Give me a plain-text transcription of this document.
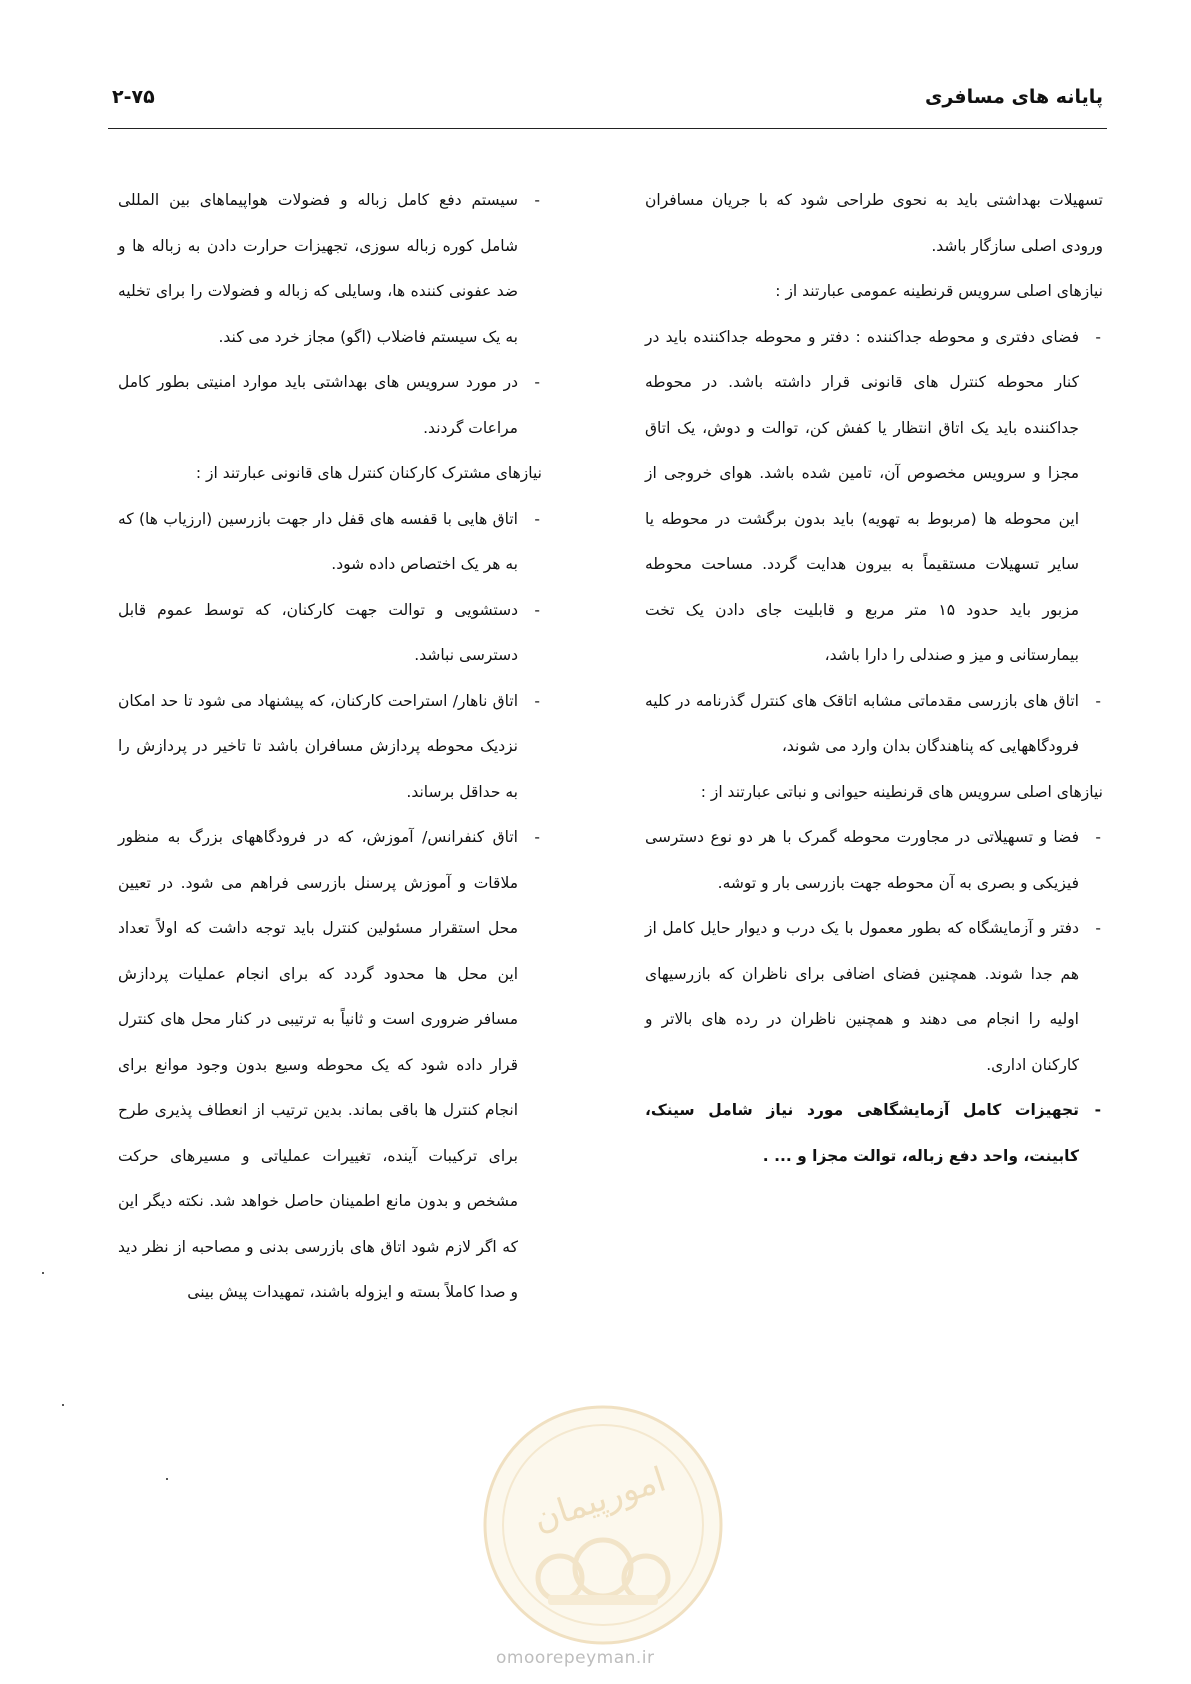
پایانه های مسافری
۲-۷۵

تسهیلات بهداشتی باید به نحوی طراحی شود که با جریان مسافران ورودی اصلی سازگار باشد.

نیازهای اصلی سرویس قرنطینه عمومی عبارتند از :

- فضای دفتری و محوطه جداکننده : دفتر و محوطه جداکننده باید در کنار محوطه کنترل های قانونی قرار داشته باشد. در محوطه جداکننده باید یک اتاق انتظار یا کفش کن، توالت و دوش، یک اتاق مجزا و سرویس مخصوص آن، تامین شده باشد. هوای خروجی از این محوطه ها (مربوط به تهویه) باید بدون برگشت در محوطه یا سایر تسهیلات مستقیماً به بیرون هدایت گردد. مساحت محوطه مزبور باید حدود ۱۵ متر مربع و قابلیت جای دادن یک تخت بیمارستانی و میز و صندلی را دارا باشد،

- اتاق های بازرسی مقدماتی مشابه اتاقک های کنترل گذرنامه در کلیه فرودگاههایی که پناهندگان بدان وارد می شوند،

نیازهای اصلی سرویس های قرنطینه حیوانی و نباتی عبارتند از :

- فضا و تسهیلاتی در مجاورت محوطه گمرک با هر دو نوع دسترسی فیزیکی و بصری به آن محوطه جهت بازرسی بار و توشه.

- دفتر و آزمایشگاه که بطور معمول با یک درب و دیوار حایل کامل از هم جدا شوند. همچنین فضای اضافی برای ناظران که بازرسیهای اولیه را انجام می دهند و همچنین ناظران در رده های بالاتر و کارکنان اداری.

- تجهیزات کامل آزمایشگاهی مورد نیاز شامل سینک، کابینت، واحد دفع زباله، توالت مجزا و ... .

- سیستم دفع کامل زباله و فضولات هواپیماهای بین المللی شامل کوره زباله سوزی، تجهیزات حرارت دادن به زباله ها و ضد عفونی کننده ها، وسایلی که زباله و فضولات را برای تخلیه به یک سیستم فاضلاب (اگو) مجاز خرد می کند.

- در مورد سرویس های بهداشتی باید موارد امنیتی بطور کامل مراعات گردند.

نیازهای مشترک کارکنان کنترل های قانونی عبارتند از :

- اتاق هایی با قفسه های قفل دار جهت بازرسین (ارزیاب ها) که به هر یک اختصاص داده شود.

- دستشویی و توالت جهت کارکنان، که توسط عموم قابل دسترسی نباشد.

- اتاق ناهار/ استراحت کارکنان، که پیشنهاد می شود تا حد امکان نزدیک محوطه پردازش مسافران باشد تا تاخیر در پردازش را به حداقل برساند.

- اتاق کنفرانس/ آموزش، که در فرودگاههای بزرگ به منظور ملاقات و آموزش پرسنل بازرسی فراهم می شود. در تعیین محل استقرار مسئولین کنترل باید توجه داشت که اولاً تعداد این محل ها محدود گردد که برای انجام عملیات پردازش مسافر ضروری است و ثانیاً به ترتیبی در کنار محل های کنترل قرار داده شود که یک محوطه وسیع بدون وجود موانع برای انجام کنترل ها باقی بماند. بدین ترتیب از انعطاف پذیری طرح برای ترکیبات آینده، تغییرات عملیاتی و مسیرهای حرکت مشخص و بدون مانع اطمینان حاصل خواهد شد. نکته دیگر این که اگر لازم شود اتاق های بازرسی بدنی و مصاحبه از نظر دید و صدا کاملاً بسته و ایزوله باشند، تمهیدات پیش بینی

امورپیمان
omoorepeyman.ir
